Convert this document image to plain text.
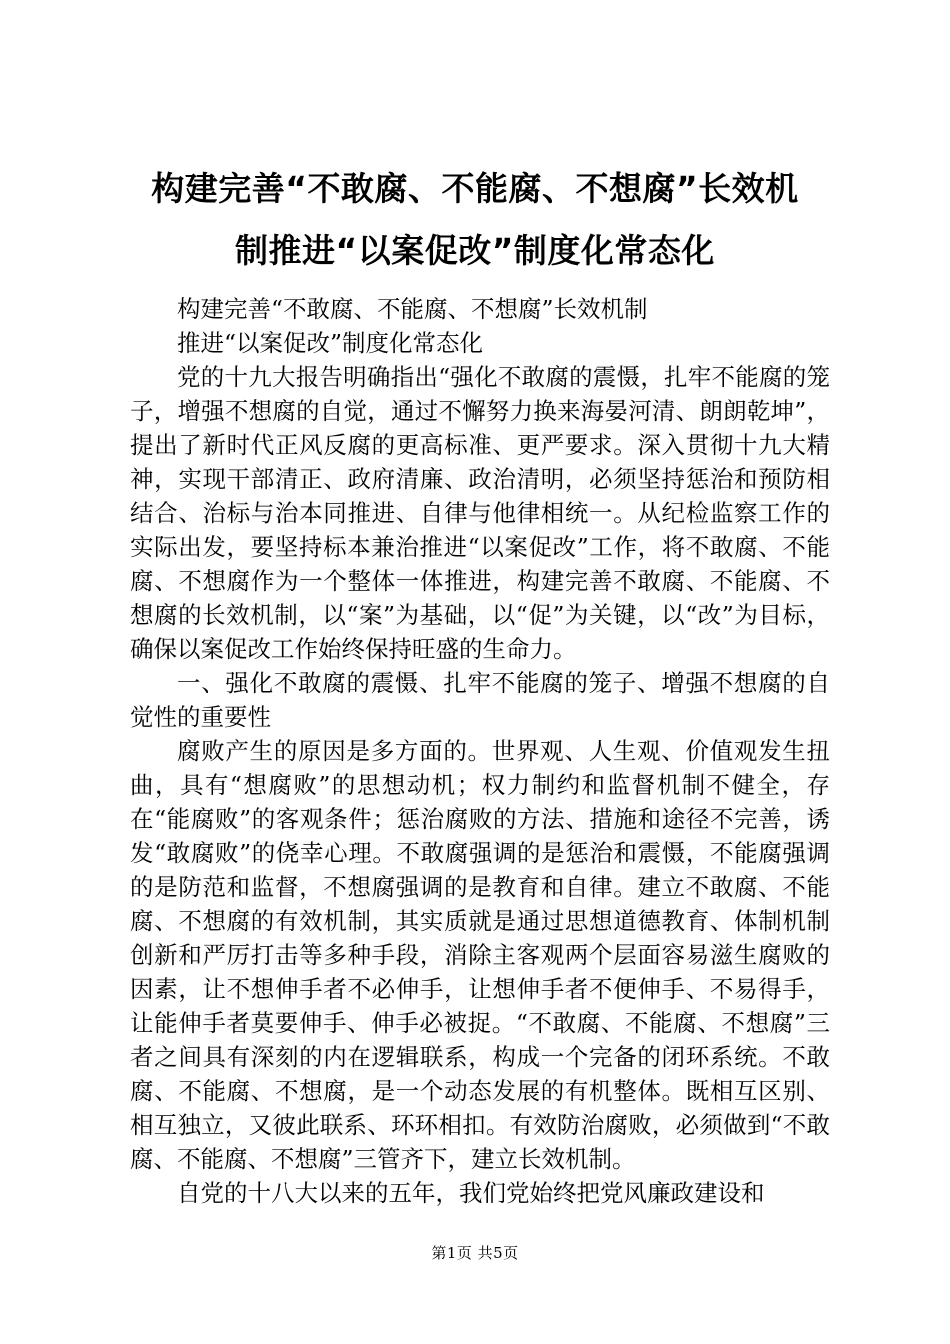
构建完善“不敢腐、不能腐、不想腐”长效机
制推进“以案促改”制度化常态化

构建完善“不敢腐、不能腐、不想腐”长效机制

推进“以案促改”制度化常态化

党的十九大报告明确指出“强化不敢腐的震慑，扎牢不能腐的笼子，增强不想腐的自觉，通过不懈努力换来海晏河清、朗朗乾坤”，提出了新时代正风反腐的更高标准、更严要求。深入贯彻十九大精神，实现干部清正、政府清廉、政治清明，必须坚持惩治和预防相结合、治标与治本同推进、自律与他律相统一。从纪检监察工作的实际出发，要坚持标本兼治推进“以案促改”工作，将不敢腐、不能腐、不想腐作为一个整体一体推进，构建完善不敢腐、不能腐、不想腐的长效机制，以“案”为基础，以“促”为关键，以“改”为目标，确保以案促改工作始终保持旺盛的生命力。

一、强化不敢腐的震慑、扎牢不能腐的笼子、增强不想腐的自觉性的重要性

腐败产生的原因是多方面的。世界观、人生观、价值观发生扭曲，具有“想腐败”的思想动机；权力制约和监督机制不健全，存在“能腐败”的客观条件；惩治腐败的方法、措施和途径不完善，诱发“敢腐败”的侥幸心理。不敢腐强调的是惩治和震慑，不能腐强调的是防范和监督，不想腐强调的是教育和自律。建立不敢腐、不能腐、不想腐的有效机制，其实质就是通过思想道德教育、体制机制创新和严厉打击等多种手段，消除主客观两个层面容易滋生腐败的因素，让不想伸手者不必伸手，让想伸手者不便伸手、不易得手，让能伸手者莫要伸手、伸手必被捉。“不敢腐、不能腐、不想腐”三者之间具有深刻的内在逻辑联系，构成一个完备的闭环系统。不敢腐、不能腐、不想腐，是一个动态发展的有机整体。既相互区别、相互独立，又彼此联系、环环相扣。有效防治腐败，必须做到“不敢腐、不能腐、不想腐”三管齐下，建立长效机制。

自党的十八大以来的五年，我们党始终把党风廉政建设和

第1页 共5页
